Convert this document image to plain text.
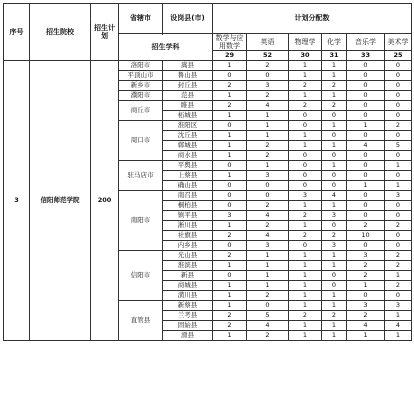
序号	招生院校	招生计划	省辖市	设岗县(市)	计划分配数					
					数学与应用数学	英语	物理学	化学	音乐学	美术学
			招生学科							
					29	52	30	31	33	25
3	信阳师范学院	200	洛阳市	嵩县	1	2	1	1	0	0
			平顶山市	鲁山县	0	0	1	1	0	0
			新乡市	封丘县	2	3	2	2	0	0
			濮阳市	范县	1	2	1	1	0	0
			商丘市	睢县	2	4	2	2	0	0
				柘城县	1	1	0	0	0	0
			周口市	淮阳区	0	1	0	1	1	2
				沈丘县	1	1	1	0	0	0
				郸城县	1	2	1	1	4	5
				商水县	1	2	0	0	0	0
			驻马店市	平舆县	0	1	0	1	0	1
				上蔡县	1	3	0	0	0	0
				确山县	0	0	0	0	1	1
			南阳市	南召县	0	0	3	4	0	3
				桐柏县	0	2	1	1	0	0
				镇平县	3	4	2	3	0	0
				淅川县	1	2	1	0	2	2
				社旗县	2	4	2	2	10	0
				内乡县	0	3	0	3	0	0
			信阳市	光山县	2	1	1	1	3	2
				淮滨县	1	1	1	1	2	2
				新县	0	1	1	0	2	1
				商城县	1	1	1	0	1	2
				潢川县	1	2	1	1	0	0
			直管县	新蔡县	1	0	1	1	3	3
				兰考县	2	5	2	2	2	1
				固始县	2	4	1	1	4	4
				滑县	1	2	1	1	1	1
